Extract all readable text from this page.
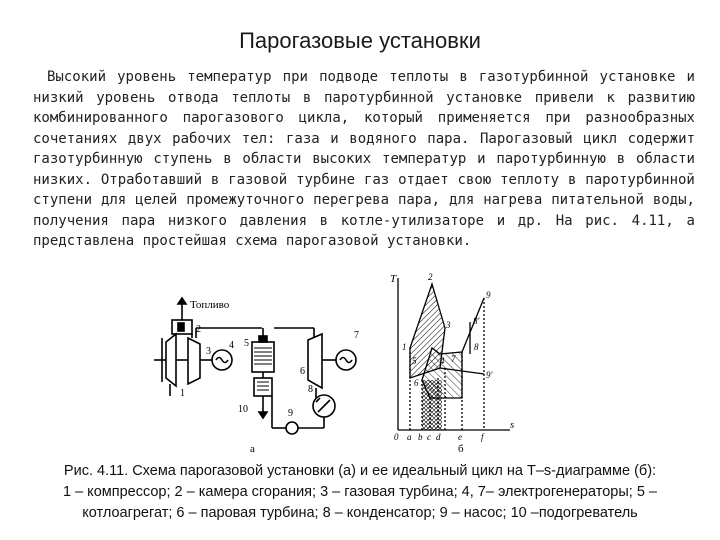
Парогазовые установки
Высокий уровень температур при подводе теплоты в газотурбинной установке и
низкий уровень отвода теплоты в паротурбинной установке привели к развитию
комбинированного парогазового цикла, который применяется при разнообразных
сочетаниях двух рабочих тел: газа и водяного пара. Парогазовый цикл содержит
газотурбинную ступень в области высоких температур и паротурбинную в области
низких. Отработавший в газовой турбине газ отдает свою теплоту в паротурбинной
ступени для целей промежуточного перегрева пара, для нагрева питательной воды,
получения пара низкого давления в котле-утилизаторе и др. На рис. 4.11, а
представлена простейшая схема парогазовой установки.
Топливо
2
1
3
4 5
10
6
7
8
9
а
T
s
2
9
3	8'
8
1
5	4 7
6
9'
0 a b c d e f
б
Рис. 4.11. Схема парогазовой установки (а) и ее идеальный цикл на T–s-диаграмме (б):
1 – компрессор; 2 – камера сгорания; 3 – газовая турбина; 4, 7– электрогенераторы; 5 –
котлоагрегат; 6 – паровая турбина; 8 – конденсатор; 9 – насос; 10 –подогреватель
